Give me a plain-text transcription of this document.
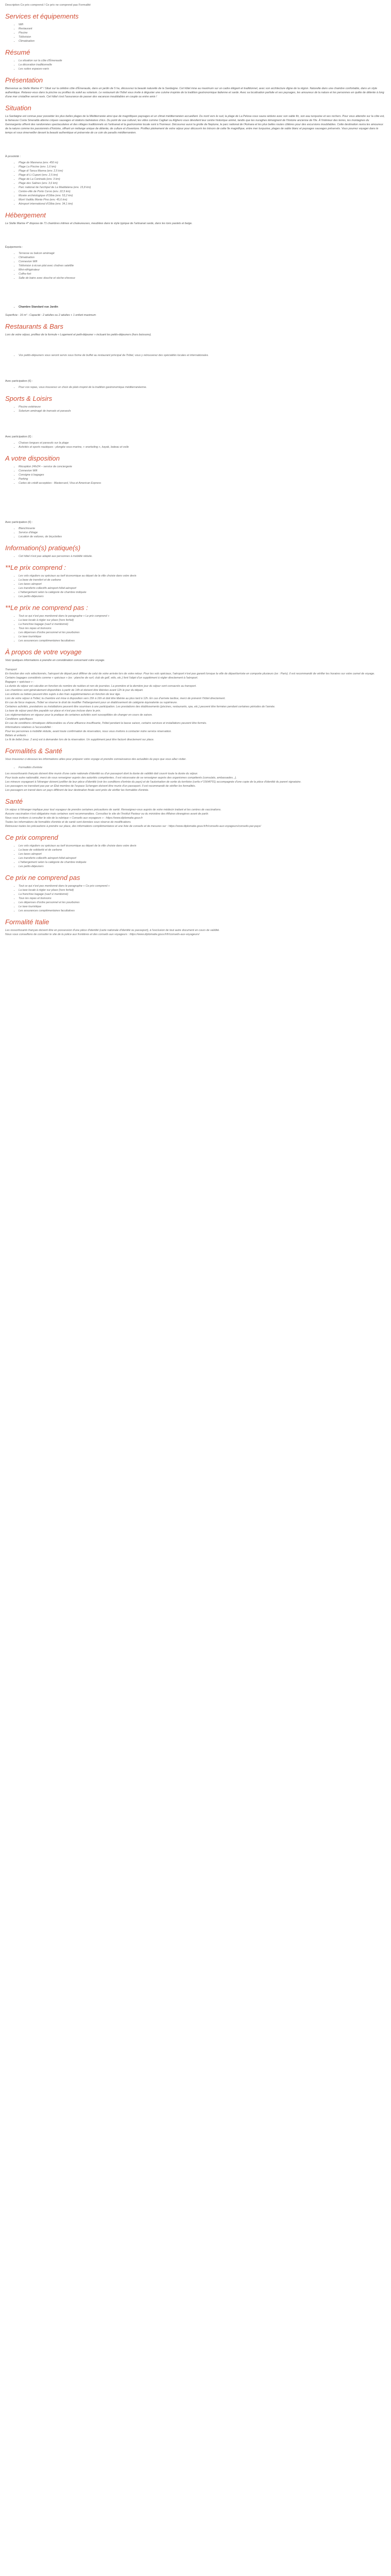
Description Ce prix comprend / Ce prix ne comprend pas Formalité
Services et équipements
• Wifi
• Restaurant
• Piscine
• Télévision
• Climatisation
Résumé
• La situation sur la côte d'Émeraude
• La décoration traditionnelle
• Les suites espaces-varis
Présentation

Bienvenue au Stelle Marine 4* ! Situé sur la célèbre côte d'Émeraude, dans un jardin de 5 ha, découvrez la beauté naturelle de la Sardaigne. Cet hôtel mise au maximum sur un cadre élégant et traditionnel, avec son architecture digne de la région. Naturelle dans une chambre confortable, dans un style authentique. Relaxez-vous dans la piscine ou profitez du soleil au solarium. Le restaurant de l'hôtel vous invite à déguster une cuisine inspirée de la tradition gastronomique italienne et sarde. Avec sa localisation parfaite et ses paysages, les amoureux de la nature et les personnes en quête de détente à long d'une mer cristalline seront ravis. Cet hôtel s'est l'assurance de passer des vacances inoubliables en couple ou entre amis !

Situation

La Sardaigne est connue pour posséder les plus belles plages de la Méditerranée ainsi que de magnifiques paysages et un climat méditerranéen accueillant. Du nord vers le sud, la plage de La Pelosa vous saura séduire avec son sable fin, son eau turquoise et ses rochers. Pour vous attendre sur la côte est, la fameuse Costa Smeralda alterne criques sauvages et stations balnéaires chics. Du point de vue culturel, les villes comme Cagliari ou Alghero vous dévoilent leur centre historique animé, tandis que les nuraghes témoignent de l'histoire ancienne de l'île. À l'intérieur des terres, les montagnes du Gennargentu offrent des randonnées spectaculaires et des villages traditionnels où l'artisanat et la gastronomie locale sont à l'honneur. Découvrez aussi la grotte de Neptune, le parc national de l'Asinara et les plus belles routes côtières pour des excursions inoubliables. Cette destination ravira les amoureux de la nature comme les passionnés d'histoire, offrant un mélange unique de détente, de culture et d'aventure. Profitez pleinement de votre séjour pour découvrir les trésors de cette île magnifique, entre mer turquoise, plages de sable blanc et paysages sauvages préservés. Vous pourrez voyager dans le temps et vous émerveiller devant la beauté authentique et préservée de ce coin de paradis méditerranéen.

À proximité :
• Plage de Mannena (env. 450 m)
• Plage La Piscine (env. 1,6 km)
• Plage di Tanca Manna (env. 2,5 km)
• Plage di Li Cuponi (env. 2,5 km)
• Plage de La Contrada (env. 3 km)
• Plage des Salines (env. 3,6 km)
• Parc national de l'archipel de La Maddalena (env. 15,8 km)
• Centre-ville de Porto Cervo (env. 22,5 km)
• Musée archéologique d'Olbia (env. 53,2 km)
• Mont Vadittu Monte Pino (env. 45,6 km)
• Aéroport international d'Olbia (env. 34,1 km)
Hébergement

Le Stelle Marine 4* dispose de 71 chambres intimes et chaleureuses, meublées dans le style typique de l'artisanat sarde, dans les tons pastels et beige.

Équipements :
• Terrasse ou balcon aménagé
• Climatisation
• Connexion Wifi
• Télévision à écran plat avec chaînes satellite
• Mini-réfrigérateur
• Coffre-fort
• Salle de bains avec douche et sèche-cheveux
• Chambre Standard vue Jardin

Superficie : 16 m² - Capacité : 2 adultes ou 2 adultes + 1 enfant maximum

Restaurants & Bars

Lors de votre séjour, profitez de la formule « Logement et petit-déjeuner » incluant les petits-déjeuners (hors boissons).

• Vos petits-déjeuners vous seront servis sous forme de buffet au restaurant principal de l'hôtel, vous y retrouverez des spécialités locales et internationales.
Avec participation (€) :
• Pour vos repas, vous trouverez un choix de plats inspiré de la tradition gastronomique méditerranéenne.
Sports & Loisirs
• Piscine extérieure
• Solarium aménagé de transats et parasols
Avec participation (€) :
• Chaises longues et parasols sur la plage
• Activités et sports nautiques : plongée sous-marine, « snorkeling », kayak, bateau et voile
A votre disposition
• Réception 24h/24 – service de conciergerie
• Connexion Wifi
• Consigne à bagages
• Parking
• Cartes de crédit acceptées : Mastercard, Visa et American Express
Avec participation (€) :
• Blanchisserie
• Service d'étage
• Location de voitures, de bicyclettes
Information(s) pratique(s)
• Cet hôtel n'est pas adapté aux personnes à mobilité réduite.
**Le prix comprend :
• Les vols réguliers ou spéciaux au tarif économique au départ de la ville choisie dans votre devis
• La base de transfert et de carbone
• Les taxes aéroport
• Les transferts collectifs aéroport-hôtel-aéroport
• L'hébergement selon la catégorie de chambre indiquée
• Les petits-déjeuners
**Le prix ne comprend pas :
• Tout ce qui n'est pas mentionné dans le paragraphe « Le prix comprend »
• La taxe locale à régler sur place (hors forfait)
• La franchise bagage (sauf si mentionné)
• Tous les repas et boissons
• Les dépenses d'ordre personnel et les pourboires
• Le taxe touristique
• Les assurances complémentaires facultatives
À propos de votre voyage

Voici quelques informations à prendre en considération concernant votre voyage.

Transport

En fonction des vols sélectionnés, l'aéroport de départ peut différer de celui de votre arrivée lors de votre retour. Pour les vols spéciaux, l'aéroport n'est pas garanti lorsque la ville de départ/arrivée en comporte plusieurs (ex : Paris). Il est recommandé de vérifier les horaires sur votre carnet de voyage.

Certains bagages considérés comme « spéciaux » (ex : planche de surf, club de golf, vélo, etc.) font l'objet d'un supplément à régler directement à l'aéroport.

Bagages « spéciaux » :

La durée du séjour est calculée en fonction du nombre de nuitées et non de journées. La première et la dernière jour du séjour sont consacrés au transport.

Les chambres sont généralement disponibles à partir de 14h et doivent être libérées avant 12h le jour du départ.

Les enfants ou bébés peuvent être sujets à des frais supplémentaires en fonction de leur âge.

Lors de votre séjour à l'hôtel, la chambre est mise à disposition vers 15h à 16h et doit être libérée au plus tard à 12h. En cas d'arrivée tardive, merci de prévenir l'hôtel directement.

En cas de force majeure, l'hôtel se réserve le droit de modifier l'hébergement pour un établissement de catégorie équivalente ou supérieure.

Certaines activités, prestations ou installations peuvent être soumises à une participation. Les prestations des établissements (piscines, restaurants, spa, etc.) peuvent être fermées pendant certaines périodes de l'année.

La taxe de séjour peut être payable sur place et n'est pas incluse dans le prix.

Les réglementations en vigueur pour la pratique de certaines activités sont susceptibles de changer en cours de saison.

Conditions spécifiques

En cas de conditions climatiques défavorables ou d'une affluence insuffisante, l'hôtel pendant la basse saison, certains services et installations peuvent être fermés.

Informations relatives à l'accessibilité :

Pour les personnes à mobilité réduite, avant toute confirmation de réservation, nous vous invitons à contacter notre service réservation.

Bébés et enfants :

Le lit de bébé (max. 2 ans) est à demander lors de la réservation. Un supplément peut être facturé directement sur place.

Formalités & Santé

Vous trouverez ci-dessous les informations utiles pour préparer votre voyage et prendre connaissance des actualités du pays que vous allez visiter.

• Formalités d'entrée

Les ressortissants français doivent être munis d'une carte nationale d'identité ou d'un passeport dont la durée de validité doit couvrir toute la durée du séjour.

Pour toute autre nationalité, merci de vous renseigner auprès des autorités compétentes. Il est nécessaire de se renseigner auprès des organismes compétents (consulats, ambassades...).

Les mineurs voyageant à l'étranger doivent justifier de leur pièce d'identité (voir les conditions d'entrée du pays) et de l'autorisation de sortie du territoire (cerfa n°15646*01) accompagnée d'une copie de la pièce d'identité du parent signataire.

Les passagers ne transitant pas par un État membre de l'espace Schengen doivent être munis d'un passeport. Il est recommandé de vérifier les formalités.

Les passagers en transit dans un pays différent de leur destination finale sont priés de vérifier les formalités d'entrée.

Santé

Un séjour à l'étranger implique pour tout voyageur de prendre certaines précautions de santé. Renseignez-vous auprès de votre médecin traitant et les centres de vaccinations.

Aucune vaccination n'est obligatoire mais certaines sont recommandées. Consultez le site de l'Institut Pasteur ou du ministère des Affaires étrangères avant de partir.

Nous vous invitons à consulter le site de la rubrique « Conseils aux voyageurs » : https://www.diplomatie.gouv.fr

Toutes les informations de formalités d'entrée et de santé sont données sous réserve de modifications.

Retrouvez toutes les précautions à prendre sur place, des informations complémentaires et une liste de conseils et de mesures sur : https://www.diplomatie.gouv.fr/fr/conseils-aux-voyageurs/conseils-par-pays/

Ce prix comprend
• Les vols réguliers ou spéciaux au tarif économique au départ de la ville choisie dans votre devis
• La base de solidarité et de carbone
• Les taxes aéroport
• Les transferts collectifs aéroport-hôtel-aéroport
• L'hébergement selon la catégorie de chambre indiquée
• Les petits-déjeuners
Ce prix ne comprend pas
• Tout ce qui n'est pas mentionné dans le paragraphe « Ce prix comprend »
• La taxe locale à régler sur place (hors forfait)
• La franchise bagage (sauf si mentionné)
• Tous les repas et boissons
• Les dépenses d'ordre personnel et les pourboires
• Le taxe touristique
• Les assurances complémentaires facultatives
Formalité Italie

Les ressortissants français doivent être en possession d'une pièce d'identité (carte nationale d'identité ou passeport), à l'exclusion de tout autre document en cours de validité.

Nous vous conseillons de consulter le site de la police aux frontières et des conseils aux voyageurs : https://www.diplomatie.gouv.fr/fr/conseils-aux-voyageurs/
